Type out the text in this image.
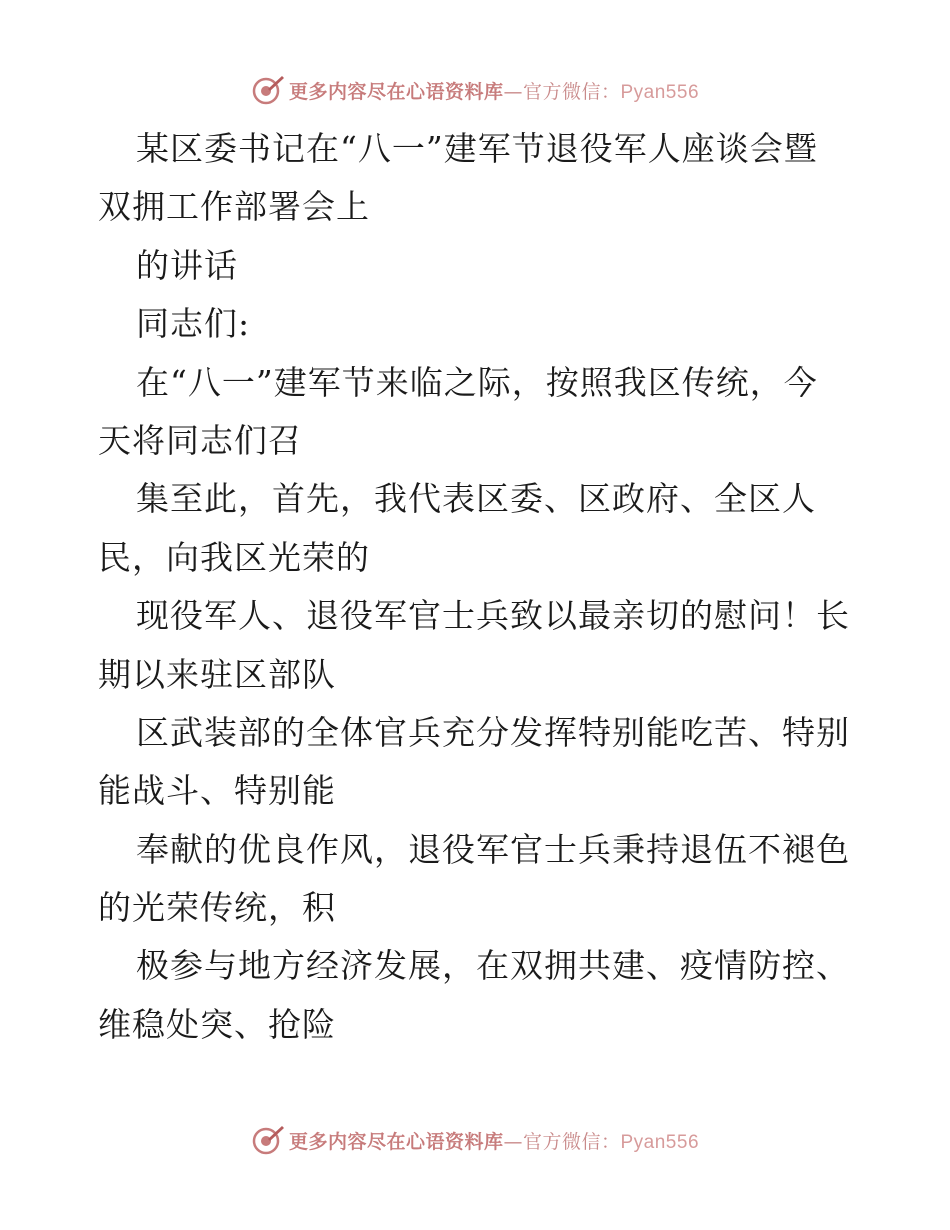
更多内容尽在心语资料库—官方微信：Pyan556
某区委书记在“八一”建军节退役军人座谈会暨
双拥工作部署会上
的讲话
同志们:
在“八一”建军节来临之际，按照我区传统，今
天将同志们召
集至此，首先，我代表区委、区政府、全区人
民，向我区光荣的
现役军人、退役军官士兵致以最亲切的慰问！长
期以来驻区部队
区武装部的全体官兵充分发挥特别能吃苦、特别
能战斗、特别能
奉献的优良作风，退役军官士兵秉持退伍不褪色
的光荣传统，积
极参与地方经济发展，在双拥共建、疫情防控、
维稳处突、抢险
更多内容尽在心语资料库—官方微信：Pyan556
